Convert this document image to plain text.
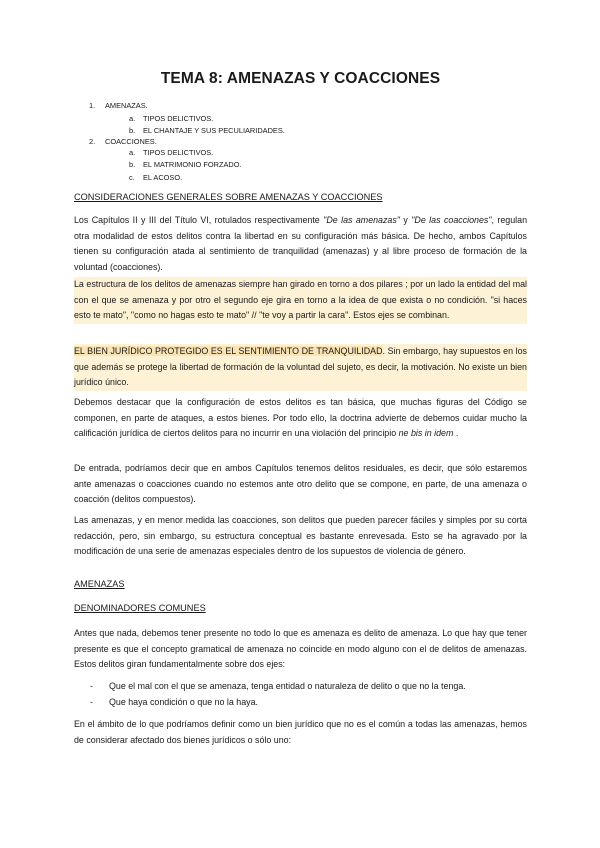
TEMA 8: AMENAZAS Y COACCIONES
1. AMENAZAS.
a. TIPOS DELICTIVOS.
b. EL CHANTAJE Y SUS PECULIARIDADES.
2. COACCIONES.
a. TIPOS DELICTIVOS.
b. EL MATRIMONIO FORZADO.
c. EL ACOSO.
CONSIDERACIONES GENERALES SOBRE AMENAZAS Y COACCIONES

Los Capítulos II y III del Título VI, rotulados respectivamente "De las amenazas" y "De las coacciones", regulan otra modalidad de estos delitos contra la libertad en su configuración más básica. De hecho, ambos Capítulos tienen su configuración atada al sentimiento de tranquilidad (amenazas) y al libre proceso de formación de la voluntad (coacciones).

La estructura de los delitos de amenazas siempre han girado en torno a dos pilares ; por un lado la entidad del mal con el que se amenaza y por otro el segundo eje gira en torno a la idea de que exista o no condición. "si haces esto te mato", "como no hagas esto te mato" // "te voy a partir la cara". Estos ejes se combinan.

EL BIEN JURÍDICO PROTEGIDO ES EL SENTIMIENTO DE TRANQUILIDAD. Sin embargo, hay supuestos en los que además se protege la libertad de formación de la voluntad del sujeto, es decir, la motivación. No existe un bien jurídico único.

Debemos destacar que la configuración de estos delitos es tan básica, que muchas figuras del Código se componen, en parte de ataques, a estos bienes. Por todo ello, la doctrina advierte de debemos cuidar mucho la calificación jurídica de ciertos delitos para no incurrir en una violación del principio ne bis in idem .

De entrada, podríamos decir que en ambos Capítulos tenemos delitos residuales, es decir, que sólo estaremos ante amenazas o coacciones cuando no estemos ante otro delito que se compone, en parte, de una amenaza o coacción (delitos compuestos).

Las amenazas, y en menor medida las coacciones, son delitos que pueden parecer fáciles y simples por su corta redacción, pero, sin embargo, su estructura conceptual es bastante enrevesada. Esto se ha agravado por la modificación de una serie de amenazas especiales dentro de los supuestos de violencia de género.

AMENAZAS
DENOMINADORES COMUNES

Antes que nada, debemos tener presente no todo lo que es amenaza es delito de amenaza. Lo que hay que tener presente es que el concepto gramatical de amenaza no coincide en modo alguno con el de delitos de amenazas. Estos delitos giran fundamentalmente sobre dos ejes:

- Que el mal con el que se amenaza, tenga entidad o naturaleza de delito o que no la tenga.
- Que haya condición o que no la haya.

En el ámbito de lo que podríamos definir como un bien jurídico que no es el común a todas las amenazas, hemos de considerar afectado dos bienes jurídicos o sólo uno:
